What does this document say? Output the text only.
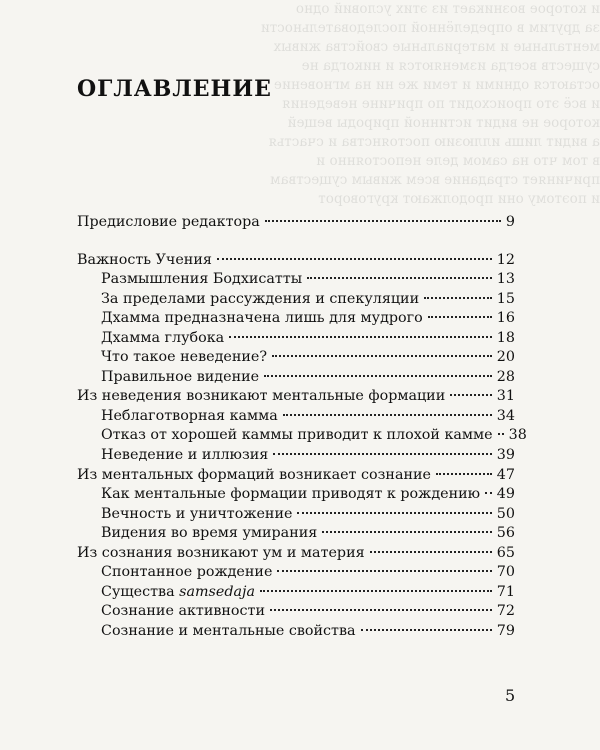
и которое возникает из этих условий одно
за другим в определённой последовательности
ментальные и материальные свойства живых
существ всегда изменяются и никогда не
остаются одними и теми же ни на мгновение
и всё это происходит по причине неведения
которое не видит истинной природы вещей
а видит лишь иллюзию постоянства и счастья
в том что на самом деле непостоянно и
причиняет страдание всем живым существам
и поэтому они продолжают круговорот
ОГЛАВЛЕНИЕ
Предисловие редактора	9
Важность Учения	12
Размышления Бодхисатты	13
За пределами рассуждения и спекуляции	15
Дхамма предназначена лишь для мудрого	16
Дхамма глубока	18
Что такое неведение?	20
Правильное видение	28
Из неведения возникают ментальные формации	31
Неблаготворная камма	34
Отказ от хорошей каммы приводит к плохой камме 38
Неведение и иллюзия	39
Из ментальных формаций возникает сознание	47
Как ментальные формации приводят к рождению 49
Вечность и уничтожение	50
Видения во время умирания	56
Из сознания возникают ум и материя	65
Спонтанное рождение	70
Существа samsedaja	71
Сознание активности	72
Сознание и ментальные свойства	79
5
